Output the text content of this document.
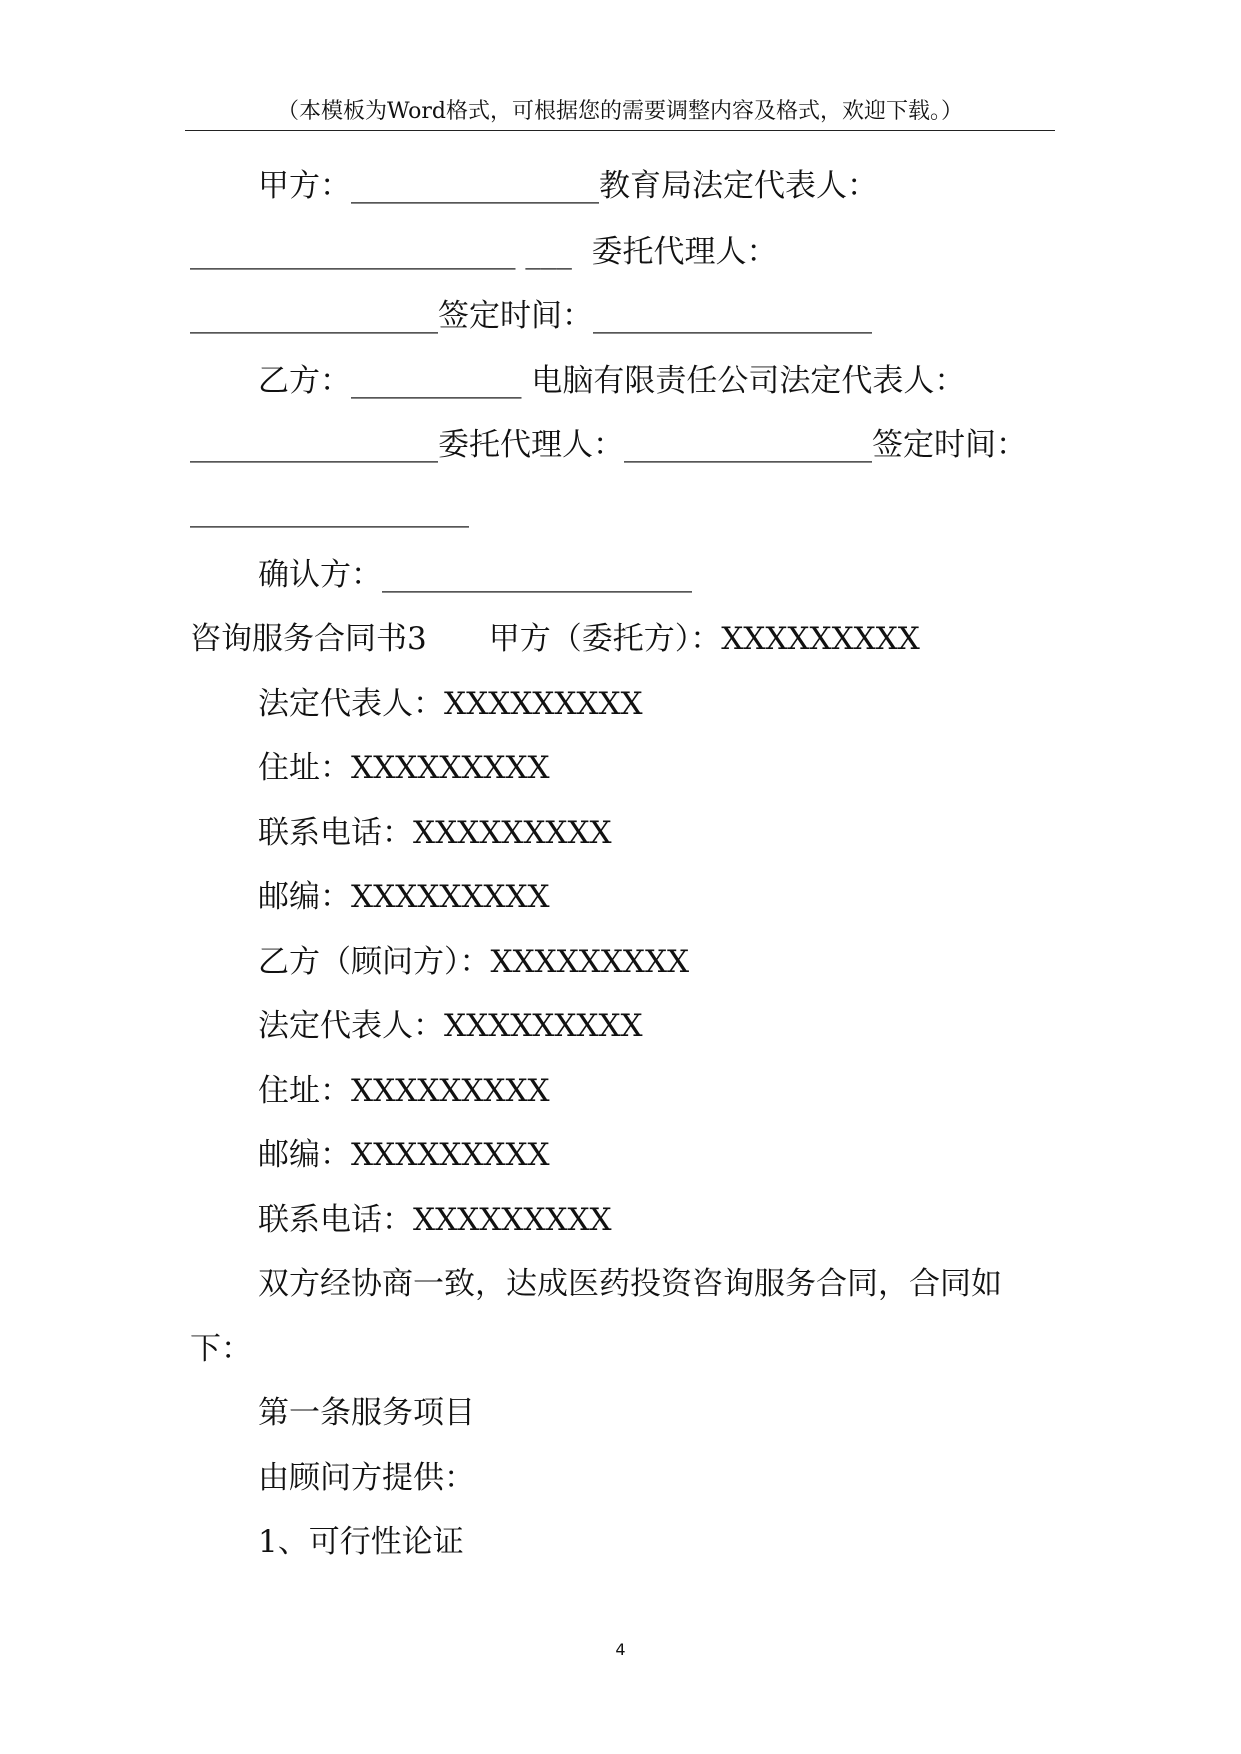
（本模板为Word格式，可根据您的需要调整内容及格式，欢迎下载。）
甲方：________________教育局法定代表人：
_____________________ ___  委托代理人：
________________签定时间：__________________
乙方：___________ 电脑有限责任公司法定代表人：
________________委托代理人：________________签定时间：
__________________
确认方：____________________
咨询服务合同书3　　甲方（委托方）：XXXXXXXXX
法定代表人：XXXXXXXXX
住址：XXXXXXXXX
联系电话：XXXXXXXXX
邮编：XXXXXXXXX
乙方（顾问方）：XXXXXXXXX
法定代表人：XXXXXXXXX
住址：XXXXXXXXX
邮编：XXXXXXXXX
联系电话：XXXXXXXXX
双方经协商一致，达成医药投资咨询服务合同，合同如
下：
第一条服务项目
由顾问方提供：
1、可行性论证
4
